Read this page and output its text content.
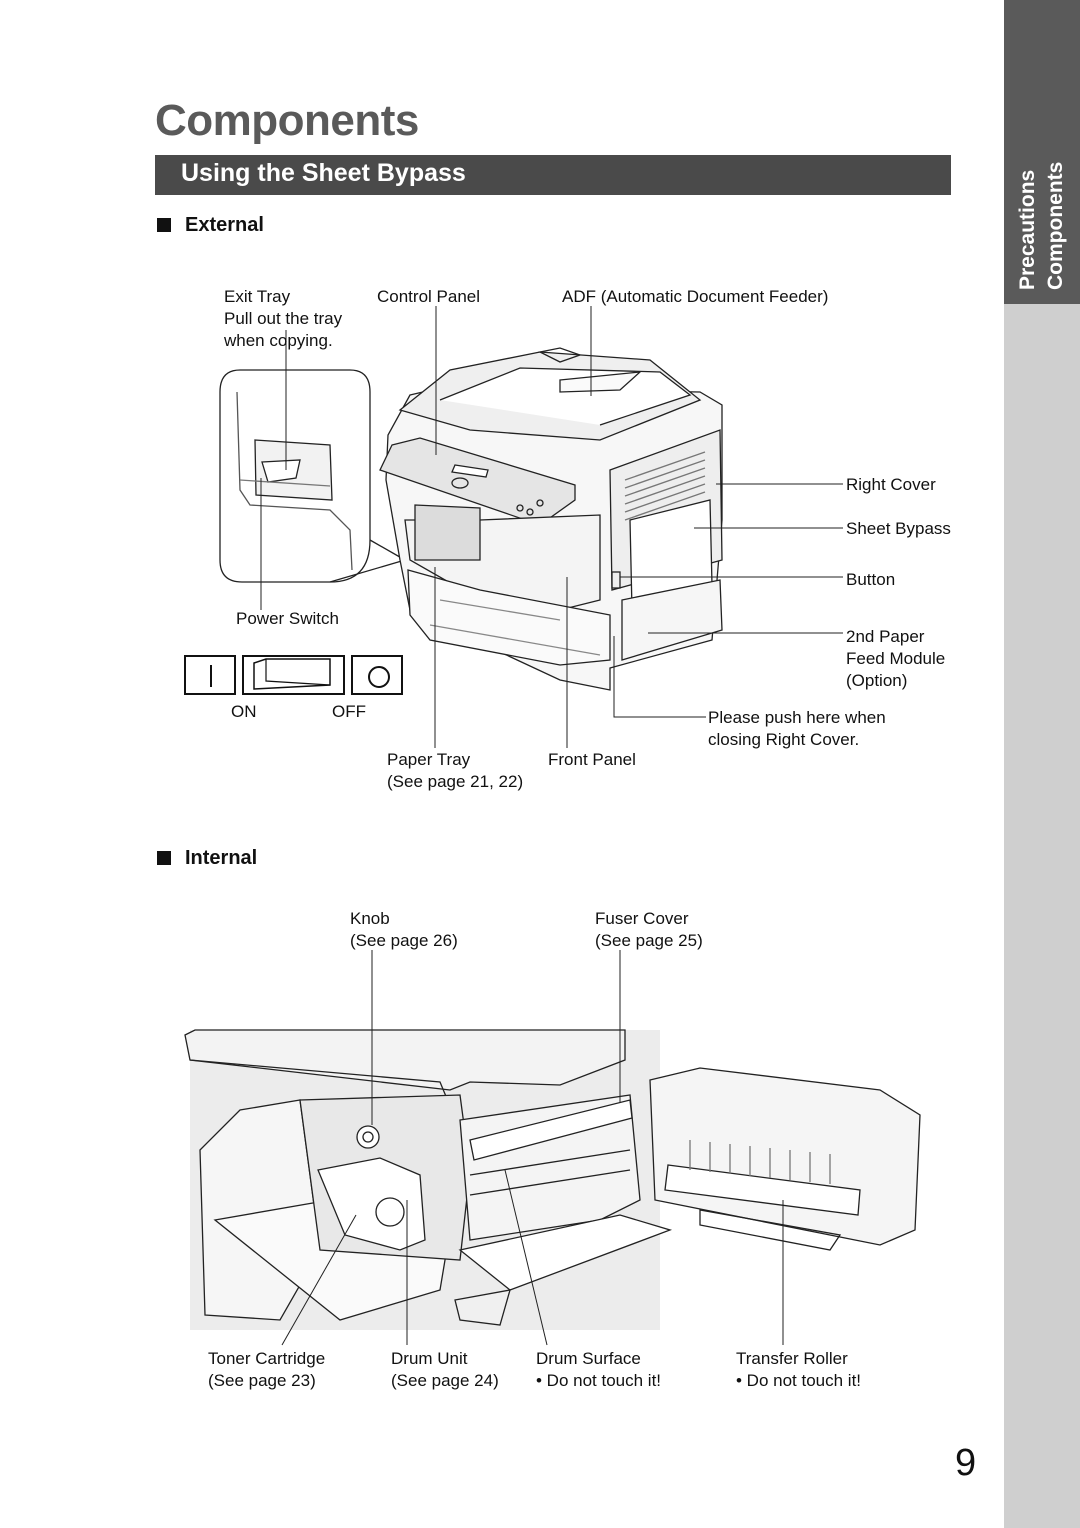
Components
Using the Sheet Bypass	Precautions Components
External
Exit Tray
Pull out the tray
when copying.
Control Panel	ADF (Automatic Document Feeder)
Right Cover
Sheet Bypass
Button
2nd Paper
Feed Module
(Option)
Please push here when
closing Right Cover.
Power Switch
ON	OFF
Paper Tray
(See page 21, 22)
Front Panel
Internal
Knob
(See page 26)
Fuser Cover
(See page 25)
Toner Cartridge
(See page 23)
Drum Unit
(See page 24)
Drum Surface
• Do not touch it!
Transfer Roller
• Do not touch it!
9
